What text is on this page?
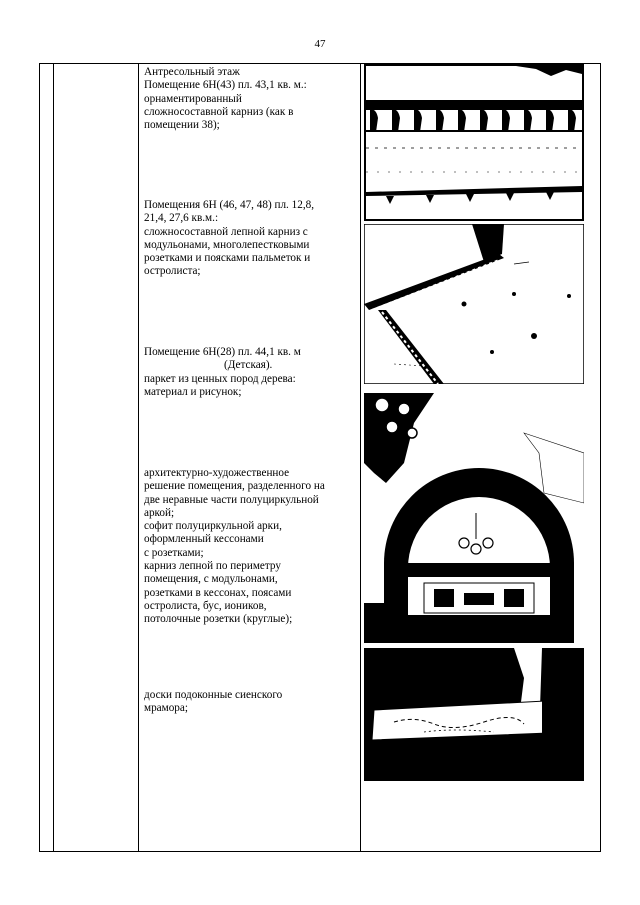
47

Антресольный этаж

Помещение 6Н(43) пл. 43,1 кв. м.:

орнаментированный

сложносоставной карниз (как в

помещении 38);

Помещения 6Н (46, 47, 48) пл. 12,8,

21,4, 27,6 кв.м.:

сложносоставной лепной карниз с

модульонами, многолепестковыми

розетками и поясками пальметок и

остролиста;

Помещение 6Н(28) пл. 44,1 кв. м

(Детская).

паркет из ценных пород дерева:

материал и рисунок;

архитектурно-художественное

решение помещения, разделенного на

две неравные части полуциркульной

аркой;

софит полуциркульной арки,

оформленный кессонами

с розетками;

карниз лепной по периметру

помещения, с модульонами,

розетками в кессонах, поясами

остролиста, бус, иоников,

потолочные розетки (круглые);

доски подоконные сиенского

мрамора;
